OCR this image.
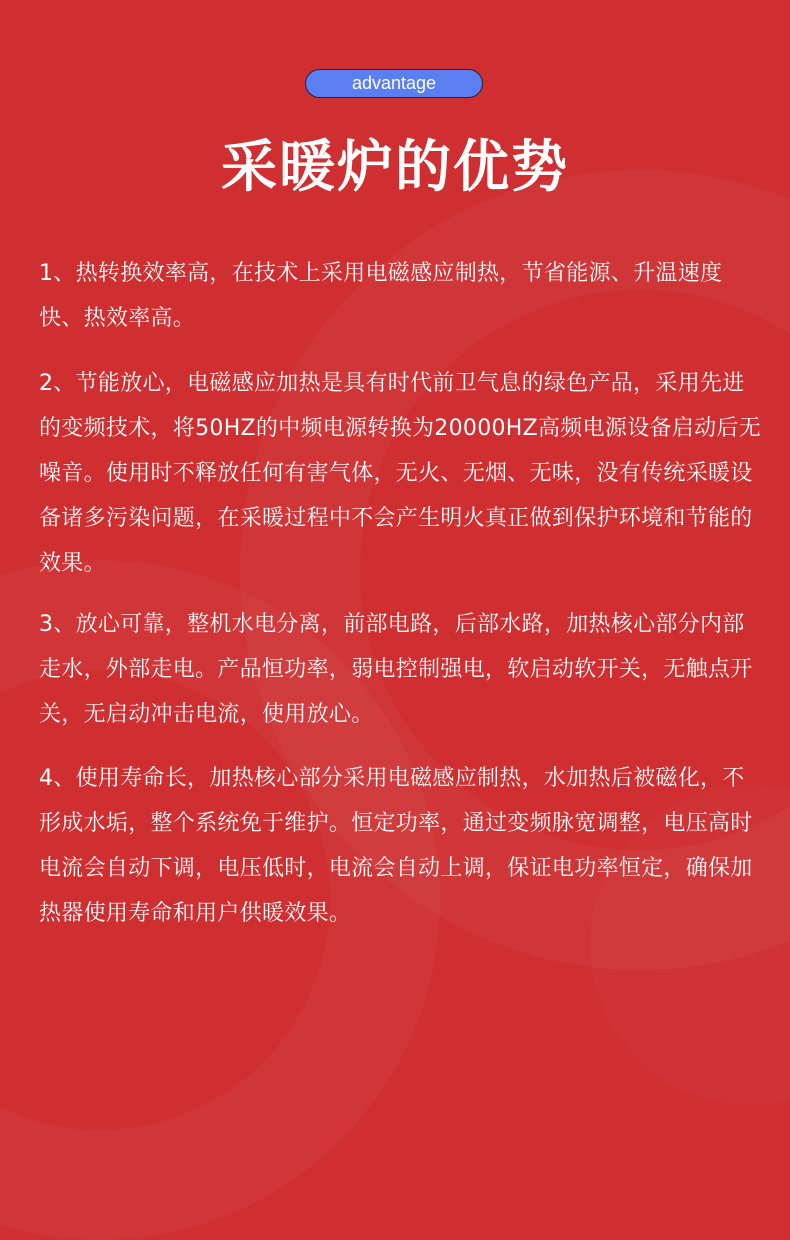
advantage
采暖炉的优势

1、热转换效率高，在技术上采用电磁感应制热，节省能源、升温速度快、热效率高。

2、节能放心，电磁感应加热是具有时代前卫气息的绿色产品，采用先进的变频技术，将50HZ的中频电源转换为20000HZ高频电源设备启动后无噪音。使用时不释放任何有害气体，无火、无烟、无味，没有传统采暖设备诸多污染问题，在采暖过程中不会产生明火真正做到保护环境和节能的效果。

3、放心可靠，整机水电分离，前部电路，后部水路，加热核心部分内部走水，外部走电。产品恒功率，弱电控制强电，软启动软开关，无触点开关，无启动冲击电流，使用放心。

4、使用寿命长，加热核心部分采用电磁感应制热，水加热后被磁化，不形成水垢，整个系统免于维护。恒定功率，通过变频脉宽调整，电压高时电流会自动下调，电压低时，电流会自动上调，保证电功率恒定，确保加热器使用寿命和用户供暖效果。
